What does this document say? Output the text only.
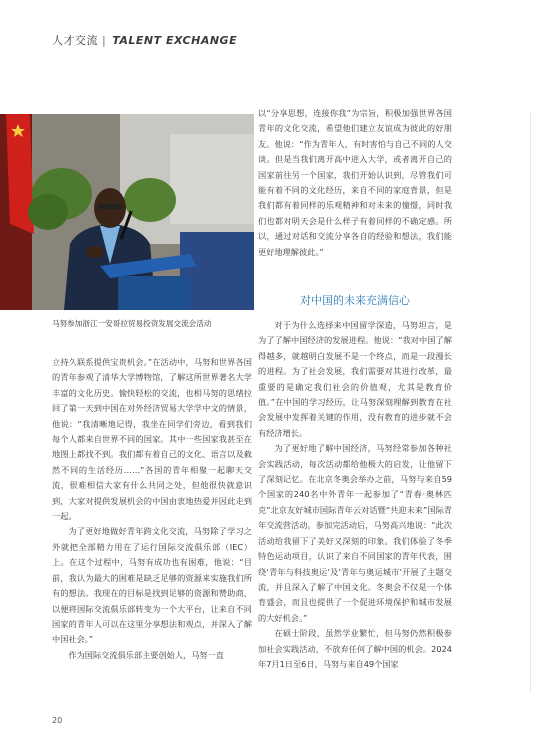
人才交流 | TALENT EXCHANGE
马努参加浙江一安哥拉贸易投资发展交流会活动

立持久联系提供宝贵机会。”在活动中，马努和世界各国的青年参观了清华大学博物馆，了解这所世界著名大学丰富的文化历史。愉快轻松的交流，也相马努的思绪拉回了第一天到中国在对外经济贸易大学学中文的情景，他说：“我清晰地记得，我坐在同学们旁边，看到我们每个人都来自世界不同的国家。其中一些国家我甚至在地图上都找不到。我们都有着自己的文化、语言以及截然不同的生活经历……”各国的青年相聚一起聊天交流，很难相信大家有什么共同之处，但他很快就意识到，大家对提供发展机会的中国由衷地热爱并因此走到一起。

为了更好地做好青年跨文化交流，马努除了学习之外就把全部精力用在了运行国际交流俱乐部（IEC）上。在这个过程中，马努有成功也有困难，他说：“目前，我认为最大的困难是缺乏足够的资源来实施我们所有的想法。我现在的目标是找到足够的资源和赞助商，以便将国际交流俱乐部转变为一个大平台，让来自不同国家的青年人可以在这里分享想法和观点，并深入了解中国社会。”

作为国际交流俱乐部主要创始人，马努一直

以“分享思想，连接你我”为宗旨，积极加强世界各国青年的文化交流，希望他们建立友谊成为彼此的好朋友。他说：“作为青年人，有时害怕与自己不同的人交谈。但是当我们离开高中进入大学，或者离开自己的国家前往另一个国家，我们开始认识到，尽管我们可能有着不同的文化经历，来自不同的家庭背景，但是我们都有着同样的乐观精神和对未来的憧憬，同时我们也都对明天会是什么样子有着同样的不确定感。所以，通过对话和交流分享各自的经验和想法，我们能更好地理解彼此。”

对中国的未来充满信心

对于为什么选择来中国留学深造，马努坦言，是为了了解中国经济的发展进程。他说：“我对中国了解得越多，就越明白发展不是一个终点，而是一段漫长的进程。为了社会发展，我们需要对其进行改革，最重要的是确定我们社会的价值观，尤其是教育价值。”在中国的学习经历，让马努深刻理解到教育在社会发展中发挥着关键的作用，没有教育的进步就不会有经济增长。

为了更好地了解中国经济，马努经常参加各种社会实践活动，每次活动都给他极大的启发，让他留下了深刻记忆。在北京冬奥会举办之前，马努与来自59个国家的240名中外青年一起参加了“青春·奥林匹克”北京友好城市国际青年云对话暨“共迎未来”国际青年交流营活动。参加完活动后，马努高兴地说：“此次活动给我留下了美好又深刻的印象。我们体验了冬季特色运动项目，认识了来自不同国家的青年代表，围绕‘青年与科技奥运’及‘青年与奥运城市’开展了主题交流，并且深入了解了中国文化。冬奥会不仅是一个体育盛会，而且也提供了一个促进环境保护和城市发展的大好机会。”

在硕士阶段，虽然学业繁忙，但马努仍然积极参加社会实践活动，不放弃任何了解中国的机会。2024年7月1日至6日，马努与来自49个国家

20
